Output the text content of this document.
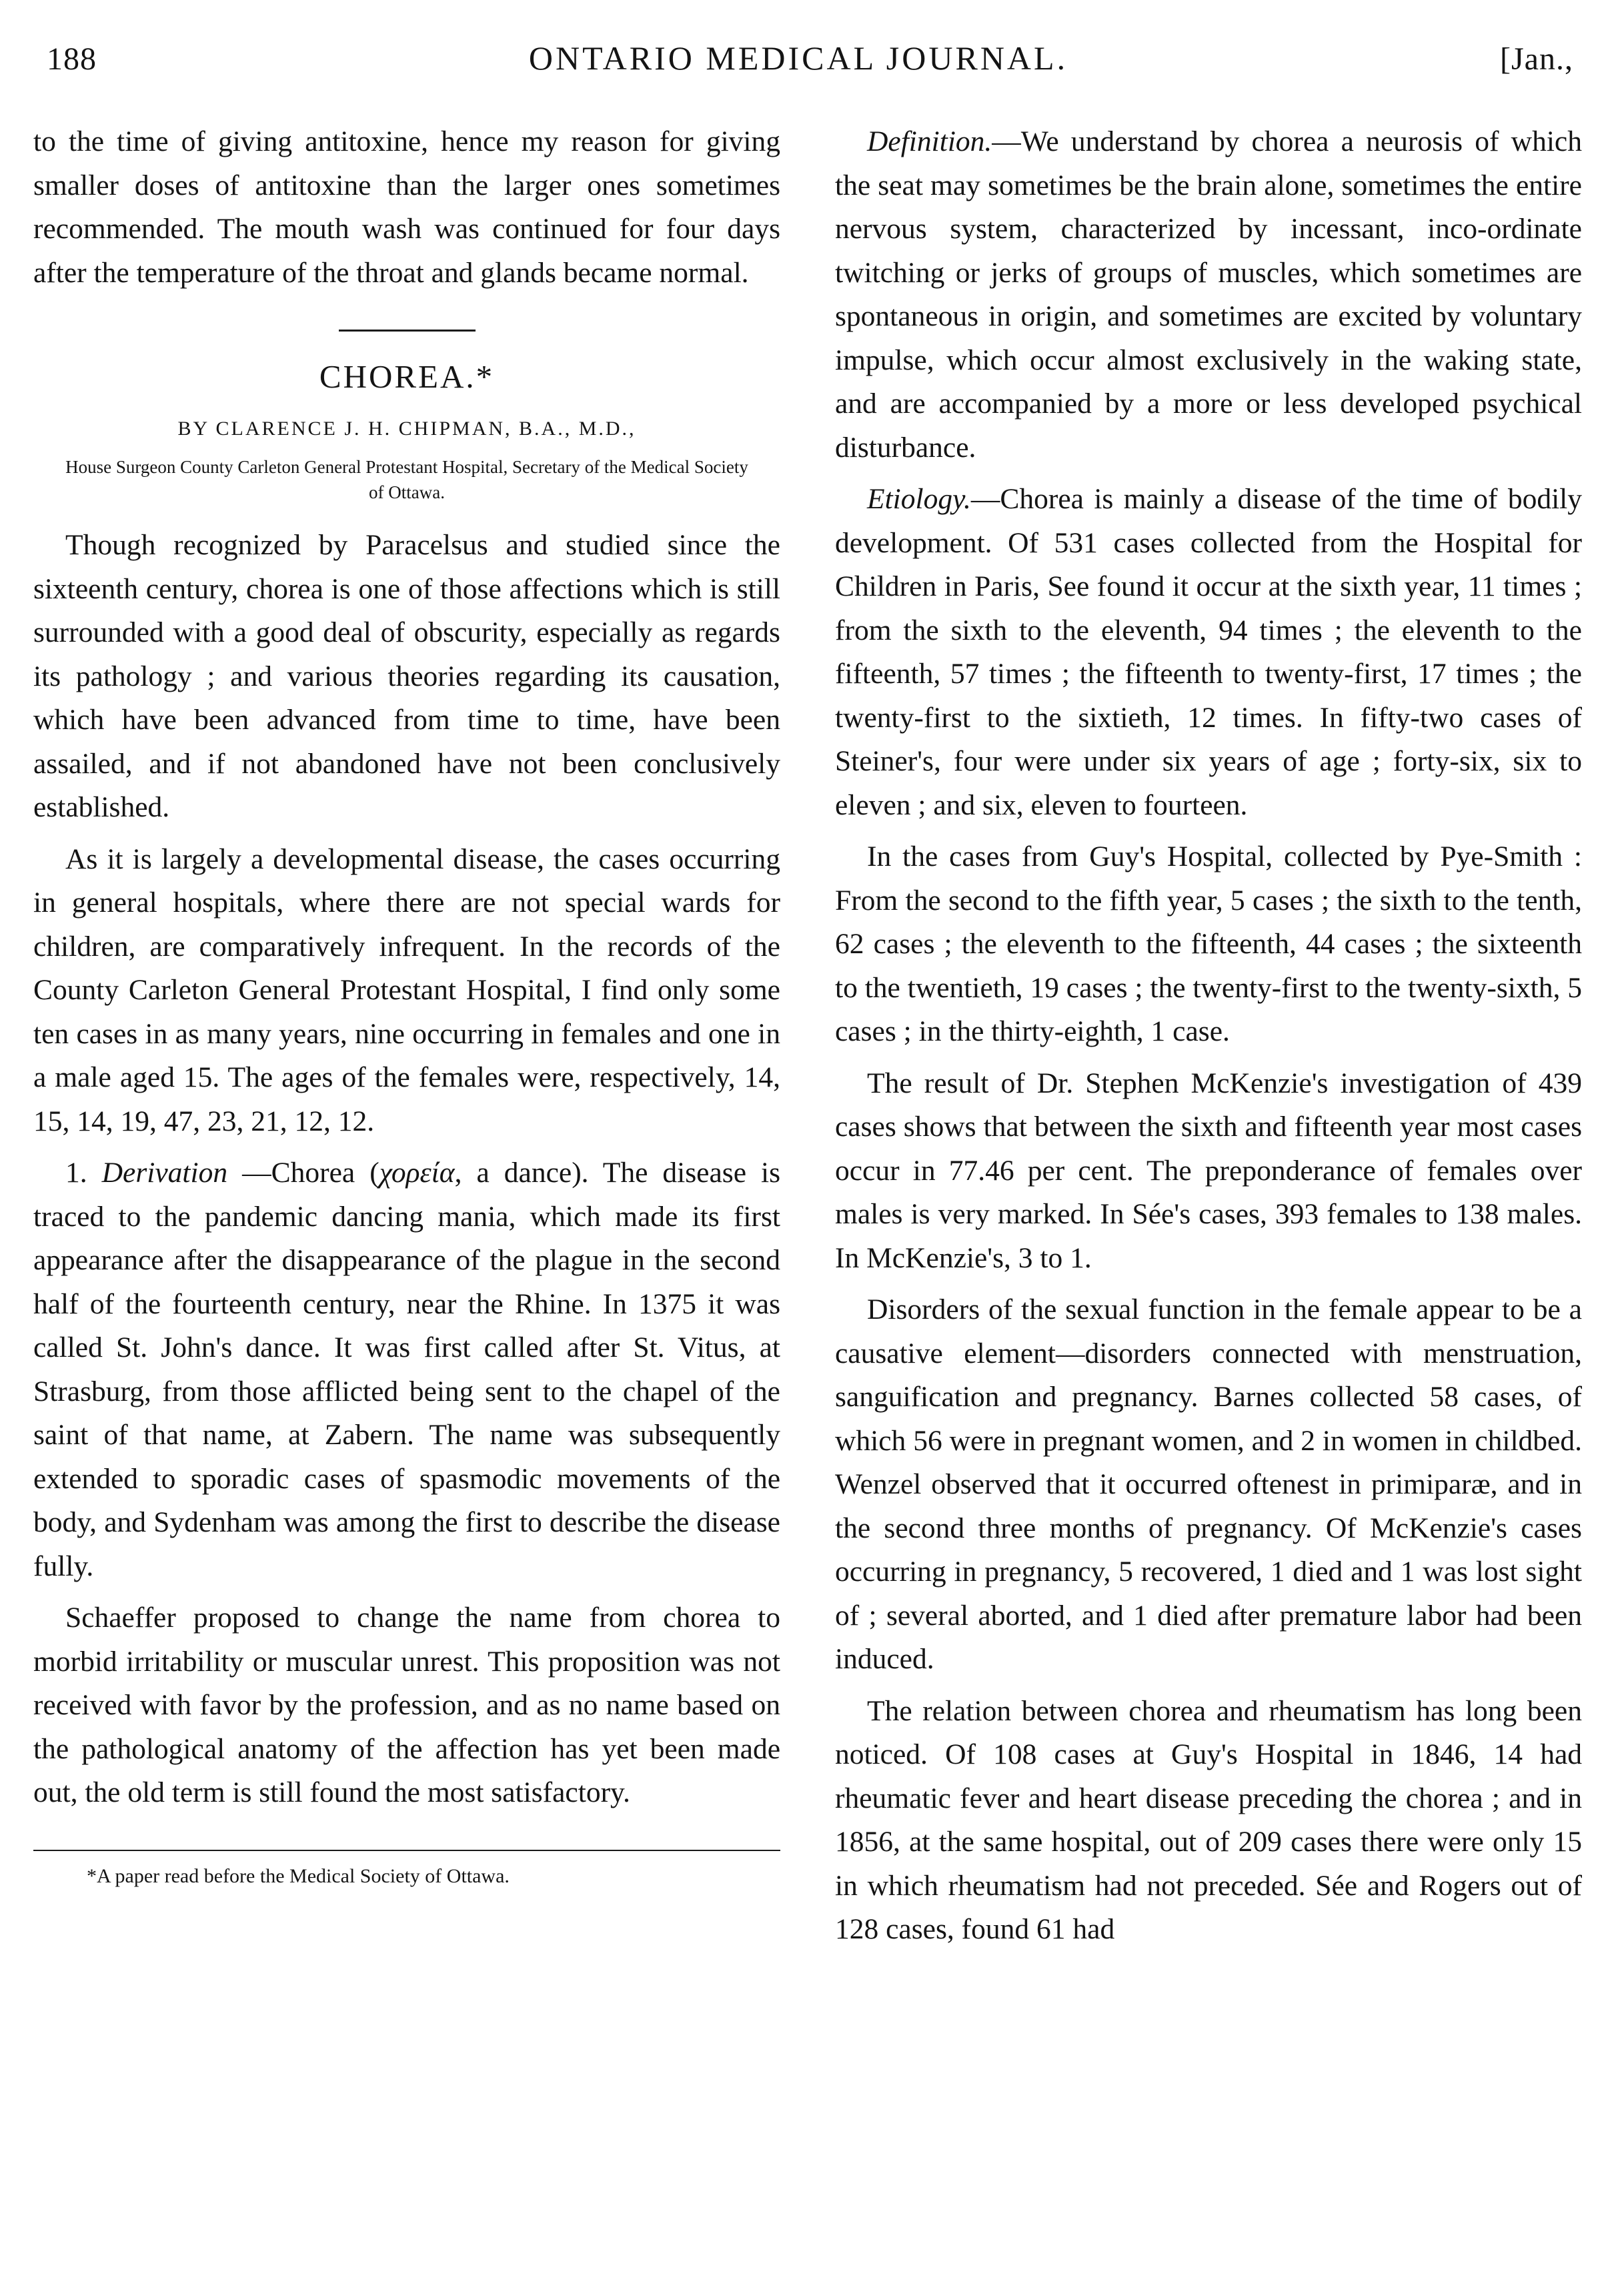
188	ONTARIO MEDICAL JOURNAL.	[Jan.,

to the time of giving antitoxine, hence my reason for giving smaller doses of antitoxine than the larger ones sometimes recommended. The mouth wash was continued for four days after the temperature of the throat and glands became normal.

CHOREA.*
BY CLARENCE J. H. CHIPMAN, B.A., M.D.,
House Surgeon County Carleton General Protestant Hospital, Secretary of the Medical Society of Ottawa.

Though recognized by Paracelsus and studied since the sixteenth century, chorea is one of those affections which is still surrounded with a good deal of obscurity, especially as regards its pathology ; and various theories regarding its causation, which have been advanced from time to time, have been assailed, and if not abandoned have not been conclusively established.

As it is largely a developmental disease, the cases occurring in general hospitals, where there are not special wards for children, are comparatively infrequent. In the records of the County Carleton General Protestant Hospital, I find only some ten cases in as many years, nine occurring in females and one in a male aged 15. The ages of the females were, respectively, 14, 15, 14, 19, 47, 23, 21, 12, 12.

1. Derivation —Chorea (χορεία, a dance). The disease is traced to the pandemic dancing mania, which made its first appearance after the disappearance of the plague in the second half of the fourteenth century, near the Rhine. In 1375 it was called St. John's dance. It was first called after St. Vitus, at Strasburg, from those afflicted being sent to the chapel of the saint of that name, at Zabern. The name was subsequently extended to sporadic cases of spasmodic movements of the body, and Sydenham was among the first to describe the disease fully.

Schaeffer proposed to change the name from chorea to morbid irritability or muscular unrest. This proposition was not received with favor by the profession, and as no name based on the pathological anatomy of the affection has yet been made out, the old term is still found the most satisfactory.

*A paper read before the Medical Society of Ottawa.

Definition.—We understand by chorea a neurosis of which the seat may sometimes be the brain alone, sometimes the entire nervous system, characterized by incessant, inco-ordinate twitching or jerks of groups of muscles, which sometimes are spontaneous in origin, and sometimes are excited by voluntary impulse, which occur almost exclusively in the waking state, and are accompanied by a more or less developed psychical disturbance.

Etiology.—Chorea is mainly a disease of the time of bodily development. Of 531 cases collected from the Hospital for Children in Paris, See found it occur at the sixth year, 11 times ; from the sixth to the eleventh, 94 times ; the eleventh to the fifteenth, 57 times ; the fifteenth to twenty-first, 17 times ; the twenty-first to the sixtieth, 12 times. In fifty-two cases of Steiner's, four were under six years of age ; forty-six, six to eleven ; and six, eleven to fourteen.

In the cases from Guy's Hospital, collected by Pye-Smith : From the second to the fifth year, 5 cases ; the sixth to the tenth, 62 cases ; the eleventh to the fifteenth, 44 cases ; the sixteenth to the twentieth, 19 cases ; the twenty-first to the twenty-sixth, 5 cases ; in the thirty-eighth, 1 case.

The result of Dr. Stephen McKenzie's investigation of 439 cases shows that between the sixth and fifteenth year most cases occur in 77.46 per cent. The preponderance of females over males is very marked. In Sée's cases, 393 females to 138 males. In McKenzie's, 3 to 1.

Disorders of the sexual function in the female appear to be a causative element—disorders connected with menstruation, sanguification and pregnancy. Barnes collected 58 cases, of which 56 were in pregnant women, and 2 in women in childbed. Wenzel observed that it occurred oftenest in primiparæ, and in the second three months of pregnancy. Of McKenzie's cases occurring in pregnancy, 5 recovered, 1 died and 1 was lost sight of ; several aborted, and 1 died after premature labor had been induced.

The relation between chorea and rheumatism has long been noticed. Of 108 cases at Guy's Hospital in 1846, 14 had rheumatic fever and heart disease preceding the chorea ; and in 1856, at the same hospital, out of 209 cases there were only 15 in which rheumatism had not preceded. Sée and Rogers out of 128 cases, found 61 had
